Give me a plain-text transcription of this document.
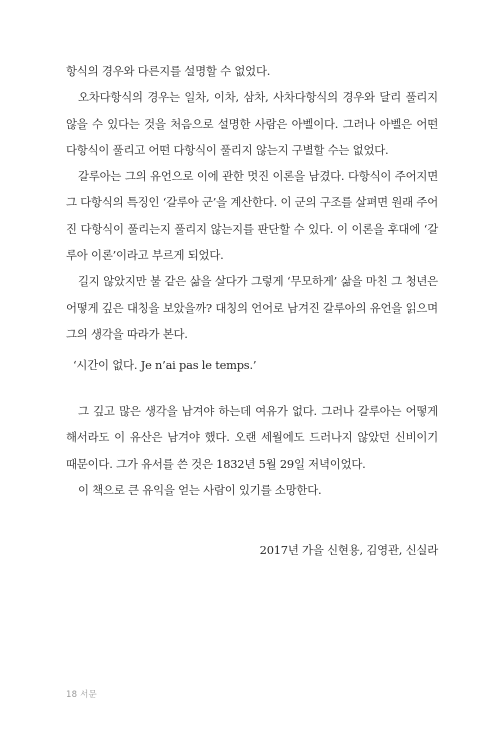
항식의 경우와 다른지를 설명할 수 없었다.

오차다항식의 경우는 일차, 이차, 삼차, 사차다항식의 경우와 달리 풀리지 않을 수 있다는 것을 처음으로 설명한 사람은 아벨이다. 그러나 아벨은 어떤 다항식이 풀리고 어떤 다항식이 풀리지 않는지 구별할 수는 없었다.

갈루아는 그의 유언으로 이에 관한 멋진 이론을 남겼다. 다항식이 주어지면 그 다항식의 특징인 ‘갈루아 군’을 계산한다. 이 군의 구조를 살펴면 원래 주어진 다항식이 풀리는지 풀리지 않는지를 판단할 수 있다. 이 이론을 후대에 ‘갈루아 이론’이라고 부르게 되었다.

길지 않았지만 불 같은 삶을 살다가 그렇게 ‘무모하게’ 삶을 마친 그 청년은 어떻게 깊은 대칭을 보았을까? 대칭의 언어로 남겨진 갈루아의 유언을 읽으며 그의 생각을 따라가 본다.

‘시간이 없다. Je n’ai pas le temps.’

그 깊고 많은 생각을 남겨야 하는데 여유가 없다. 그러나 갈루아는 어떻게 해서라도 이 유산은 남겨야 했다. 오랜 세월에도 드러나지 않았던 신비이기 때문이다. 그가 유서를 쓴 것은 1832년 5월 29일 저녁이었다.

이 책으로 큰 유익을 얻는 사람이 있기를 소망한다.

2017년 가을 신현용, 김영관, 신실라
18 서문
